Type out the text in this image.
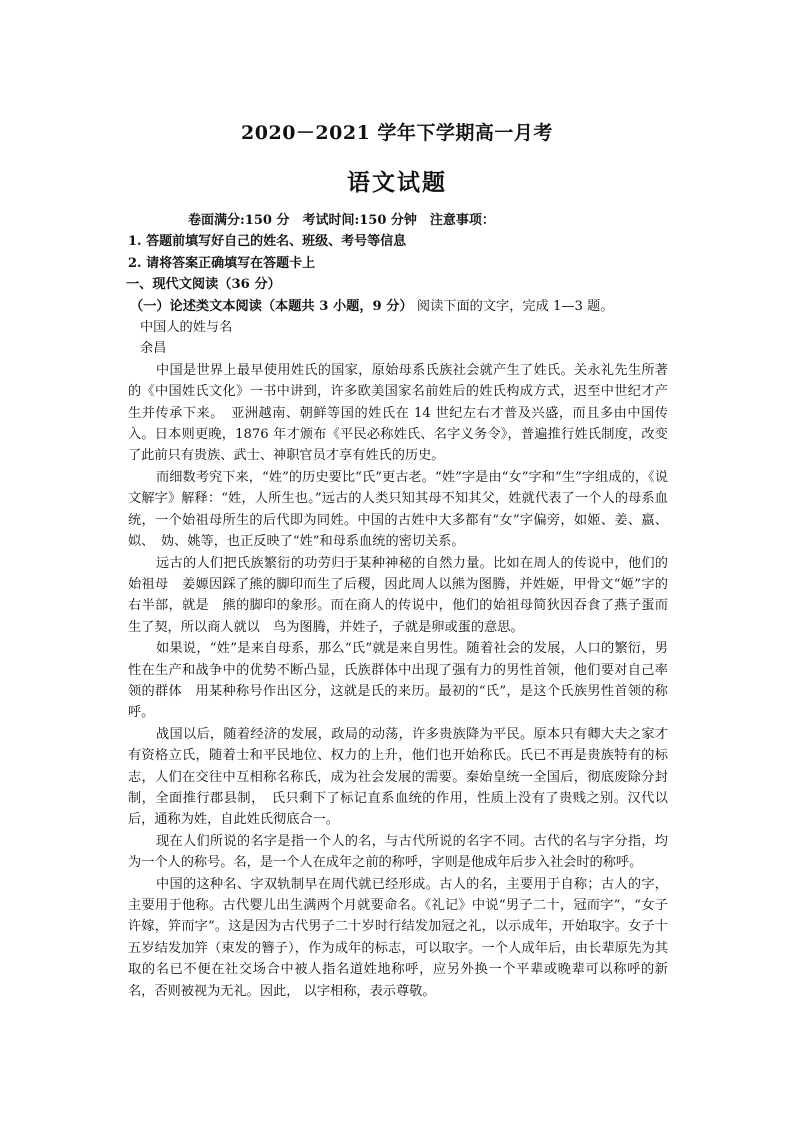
2020－2021 学年下学期高一月考
语文试题
卷面满分:150 分　考试时间:150 分钟　注意事项：
1. 答题前填写好自己的姓名、班级、考号等信息
2. 请将答案正确填写在答题卡上
一、现代文阅读（36 分）
（一）论述类文本阅读（本题共 3 小题，9 分） 阅读下面的文字，完成 1—3 题。
中国人的姓与名
余昌

中国是世界上最早使用姓氏的国家，原始母系氏族社会就产生了姓氏。关永礼先生所著的《中国姓氏文化》一书中讲到，许多欧美国家名前姓后的姓氏构成方式，迟至中世纪才产生并传承下来。　亚洲越南、朝鲜等国的姓氏在 14 世纪左右才普及兴盛，而且多由中国传入。日本则更晚，1876 年才颁布《平民必称姓氏、名字义务令》，普遍推行姓氏制度，改变了此前只有贵族、武士、神职官员才享有姓氏的历史。

而细数考究下来，“姓”的历史要比“氏”更古老。“姓”字是由“女”字和“生”字组成的，《说文解字》解释：“姓，人所生也。”远古的人类只知其母不知其父，姓就代表了一个人的母系血统，一个始祖母所生的后代即为同姓。中国的古姓中大多都有“女”字偏旁，如姬、姜、嬴、姒、　妫、姚等，也正反映了“姓”和母系血统的密切关系。

远古的人们把氏族繁衍的功劳归于某种神秘的自然力量。比如在周人的传说中，他们的始祖母　姜嫄因踩了熊的脚印而生了后稷，因此周人以熊为图腾，并姓姬，甲骨文“姬”字的右半部，就是　熊的脚印的象形。而在商人的传说中，他们的始祖母简狄因吞食了燕子蛋而生了契，所以商人就以　鸟为图腾，并姓子，子就是卵或蛋的意思。

如果说，“姓”是来自母系，那么“氏”就是来自男性。随着社会的发展，人口的繁衍，男性在生产和战争中的优势不断凸显，氏族群体中出现了强有力的男性首领，他们要对自己率领的群体　用某种称号作出区分，这就是氏的来历。最初的“氏”，是这个氏族男性首领的称呼。

战国以后，随着经济的发展，政局的动荡，许多贵族降为平民。原本只有卿大夫之家才有资格立氏，随着士和平民地位、权力的上升，他们也开始称氏。氏已不再是贵族特有的标志，人们在交往中互相称名称氏，成为社会发展的需要。秦始皇统一全国后，彻底废除分封制，全面推行郡县制，　氏只剩下了标记直系血统的作用，性质上没有了贵贱之别。汉代以后，通称为姓，自此姓氏彻底合一。

现在人们所说的名字是指一个人的名，与古代所说的名字不同。古代的名与字分指，均为一个人的称号。名，是一个人在成年之前的称呼，字则是他成年后步入社会时的称呼。

中国的这种名、字双轨制早在周代就已经形成。古人的名，主要用于自称；古人的字，主要用于他称。古代婴儿出生满两个月就要命名。《礼记》中说“男子二十，冠而字”，“女子许嫁，笄而字”。这是因为古代男子二十岁时行结发加冠之礼，以示成年，开始取字。女子十五岁结发加笄（束发的簪子），作为成年的标志，可以取字。一个人成年后，由长辈原先为其取的名已不便在社交场合中被人指名道姓地称呼，应另外换一个平辈或晚辈可以称呼的新名，否则被视为无礼。因此， 以字相称，表示尊敬。
